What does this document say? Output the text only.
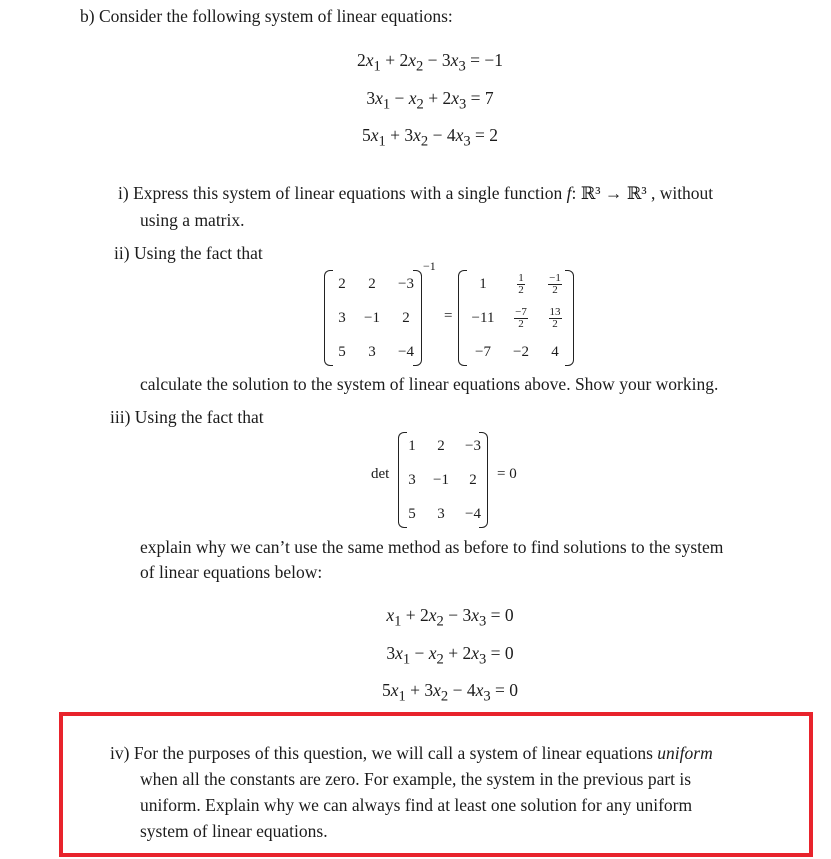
b) Consider the following system of linear equations:
$2x_1 + 2x_2 - 3x_3 = -1$
$3x_1 - x_2 + 2x_3 = 7$
$5x_1 + 3x_2 - 4x_3 = 2$
i) Express this system of linear equations with a single function f: ℝ³ → ℝ³ , without
using a matrix.
ii) Using the fact that
2	2	−3
3	−1	2
5	3	−4
−1
=
1	$\frac{1}{2}$	$\frac{-1}{2}$

−11	$\frac{-7}{2}$	$\frac{13}{2}$

−7	−2	4
calculate the solution to the system of linear equations above. Show your working.
iii) Using the fact that
det
1	2	−3
3	−1	2
5	3	−4
= 0
explain why we can’t use the same method as before to find solutions to the system
of linear equations below:
$x_1 + 2x_2 - 3x_3 = 0$
$3x_1 - x_2 + 2x_3 = 0$
$5x_1 + 3x_2 - 4x_3 = 0$
iv) For the purposes of this question, we will call a system of linear equations uniform
when all the constants are zero. For example, the system in the previous part is
uniform. Explain why we can always find at least one solution for any uniform
system of linear equations.
